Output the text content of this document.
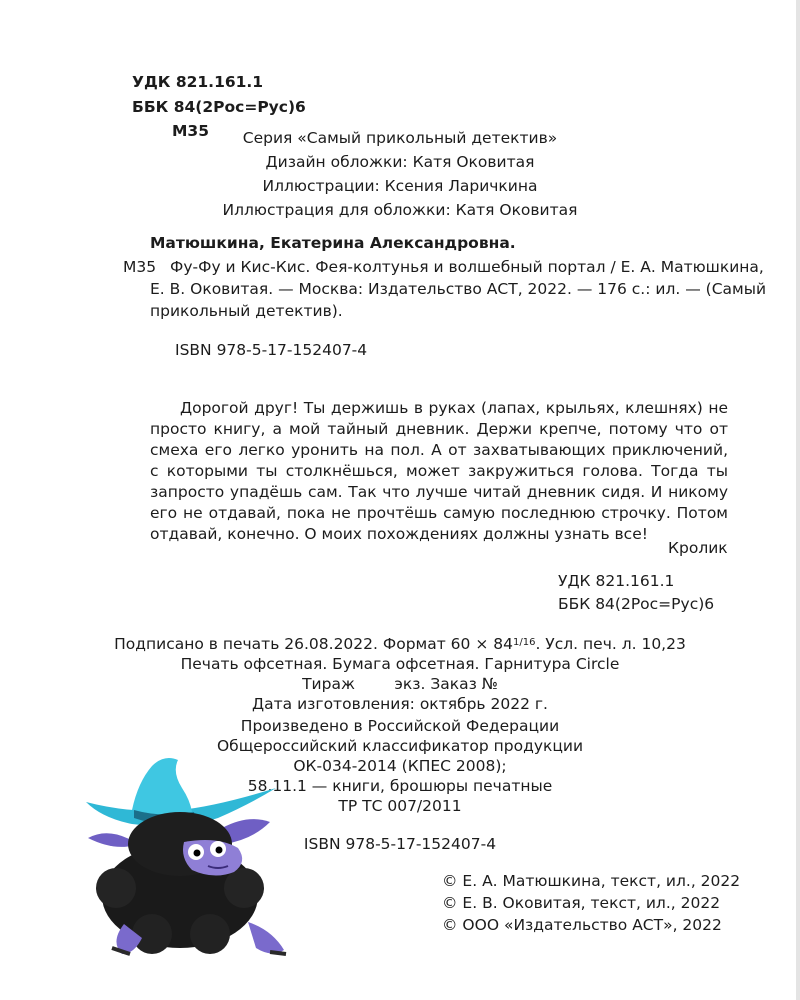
УДК 821.161.1
ББК 84(2Рос=Рус)6
М35	Серия «Самый прикольный детектив»
Дизайн обложки: Катя Оковитая
Иллюстрации: Ксения Ларичкина
Иллюстрация для обложки: Катя Оковитая
Матюшкина, Екатерина Александровна.
М35 Фу-Фу и Кис-Кис. Фея-колтунья и волшебный портал / Е. А. Матюшкина,
Е. В. Оковитая. — Москва: Издательство АСТ, 2022. — 176 с.: ил. — (Самый
прикольный детектив).
ISBN 978-5-17-152407-4
Дорогой друг! Ты держишь в руках (лапах, крыльях, клешнях) не просто книгу, а мой тайный дневник. Держи крепче, потому что от смеха его легко уронить на пол. А от захватывающих приключений, с которыми ты столкнёшься, может закружиться голова. Тогда ты запросто упадёшь сам. Так что лучше читай дневник сидя. И никому его не отдавай, пока не прочтёшь самую последнюю строчку. Потом отдавай, конечно. О моих похождениях должны узнать все!
Кролик
УДК 821.161.1
ББК 84(2Рос=Рус)6
Подписано в печать 26.08.2022. Формат $60 \times 84^{1/16}$. Усл. печ. л. 10,23
Печать офсетная. Бумага офсетная. Гарнитура Circle
Тираж        экз. Заказ №
Дата изготовления: октябрь 2022 г.
Произведено в Российской Федерации
Общероссийский классификатор продукции
ОК-034-2014 (КПЕС 2008);
58.11.1 — книги, брошюры печатные
ТР ТС 007/2011
ISBN 978-5-17-152407-4
© Е. А. Матюшкина, текст, ил., 2022
© Е. В. Оковитая, текст, ил., 2022
© ООО «Издательство АСТ», 2022
